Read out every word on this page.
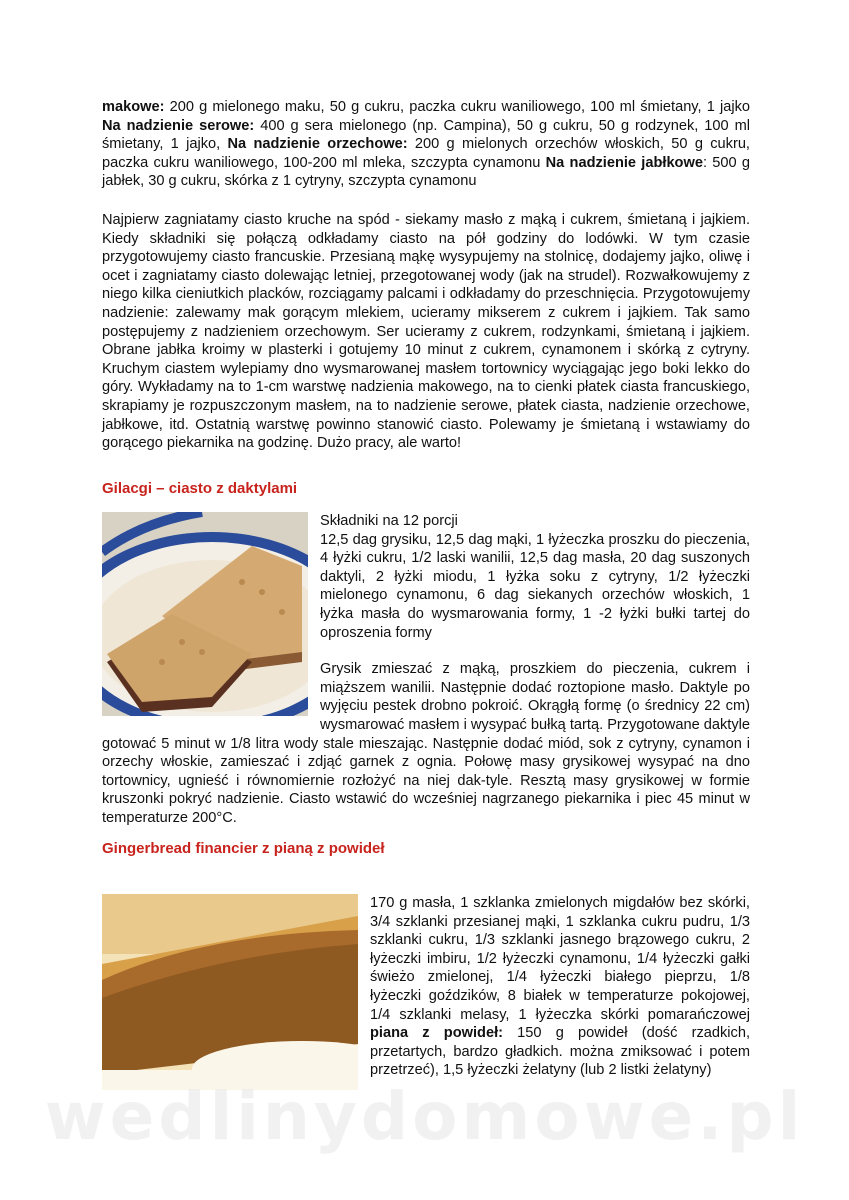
makowe: 200 g mielonego maku, 50 g cukru, paczka cukru waniliowego, 100 ml śmietany, 1 jajko Na nadzienie serowe: 400 g sera mielonego (np. Campina), 50 g cukru, 50 g rodzynek, 100 ml śmietany, 1 jajko, Na nadzienie orzechowe: 200 g mielonych orzechów włoskich, 50 g cukru, paczka cukru waniliowego, 100-200 ml mleka, szczypta cynamonu Na nadzienie jabłkowe: 500 g jabłek, 30 g cukru, skórka z 1 cytryny, szczypta cynamonu

Najpierw zagniatamy ciasto kruche na spód - siekamy masło z mąką i cukrem, śmietaną i jajkiem. Kiedy składniki się połączą odkładamy ciasto na pół godziny do lodówki. W tym czasie przygotowujemy ciasto francuskie. Przesianą mąkę wysypujemy na stolnicę, dodajemy jajko, oliwę i ocet i zagniatamy ciasto dolewając letniej, przegotowanej wody (jak na strudel). Rozwałkowujemy z niego kilka cieniutkich placków, rozciągamy palcami i odkładamy do przeschnięcia. Przygotowujemy nadzienie: zalewamy mak gorącym mlekiem, ucieramy mikserem z cukrem i jajkiem. Tak samo postępujemy z nadzieniem orzechowym. Ser ucieramy z cukrem, rodzynkami, śmietaną i jajkiem. Obrane jabłka kroimy w plasterki i gotujemy 10 minut z cukrem, cynamonem i skórką z cytryny. Kruchym ciastem wylepiamy dno wysmarowanej masłem tortownicy wyciągając jego boki lekko do góry. Wykładamy na to 1-cm warstwę nadzienia makowego, na to cienki płatek ciasta francuskiego, skrapiamy je rozpuszczonym masłem, na to nadzienie serowe, płatek ciasta, nadzienie orzechowe, jabłkowe, itd. Ostatnią warstwę powinno stanowić ciasto. Polewamy je śmietaną i wstawiamy do gorącego piekarnika na godzinę. Dużo pracy, ale warto!

Gilacgi – ciasto z daktylami

Składniki na 12 porcji

12,5 dag grysiku, 12,5 dag mąki, 1 łyżeczka proszku do pieczenia, 4 łyżki cukru, 1/2 laski wanilii, 12,5 dag masła, 20 dag suszonych daktyli, 2 łyżki miodu, 1 łyżka soku z cytryny, 1/2 łyżeczki mielonego cynamonu, 6 dag siekanych orzechów włoskich, 1 łyżka masła do wysmarowania formy, 1 -2 łyżki bułki tartej do oproszenia formy

Grysik zmieszać z mąką, proszkiem do pieczenia, cukrem i miąższem wanilii. Następnie dodać roztopione masło. Daktyle po wyjęciu pestek drobno pokroić. Okrągłą formę (o średnicy 22 cm) wysmarować masłem i wysypać bułką tartą. Przygotowane daktyle gotować 5 minut w 1/8 litra wody stale mieszając. Następnie dodać miód, sok z cytryny, cynamon i orzechy włoskie, zamieszać i zdjąć garnek z ognia. Połowę masy grysikowej wysypać na dno tortownicy, ugnieść i równomiernie rozłożyć na niej dak-tyle. Resztą masy grysikowej w formie kruszonki pokryć nadzienie. Ciasto wstawić do wcześniej nagrzanego piekarnika i piec 45 minut w temperaturze 200°C.

Gingerbread financier z pianą z powideł

170 g masła, 1 szklanka zmielonych migdałów bez skórki, 3/4 szklanki przesianej mąki, 1 szklanka cukru pudru, 1/3 szklanki cukru, 1/3 szklanki jasnego brązowego cukru, 2 łyżeczki imbiru, 1/2 łyżeczki cynamonu, 1/4 łyżeczki gałki świeżo zmielonej, 1/4 łyżeczki białego pieprzu, 1/8 łyżeczki goździków, 8 białek w temperaturze pokojowej, 1/4 szklanki melasy, 1 łyżeczka skórki pomarańczowej piana z powideł: 150 g powideł (dość rzadkich, przetartych, bardzo gładkich. można zmiksować i potem przetrzeć), 1,5 łyżeczki żelatyny (lub 2 listki żelatyny)

wedlinydomowe.pl
